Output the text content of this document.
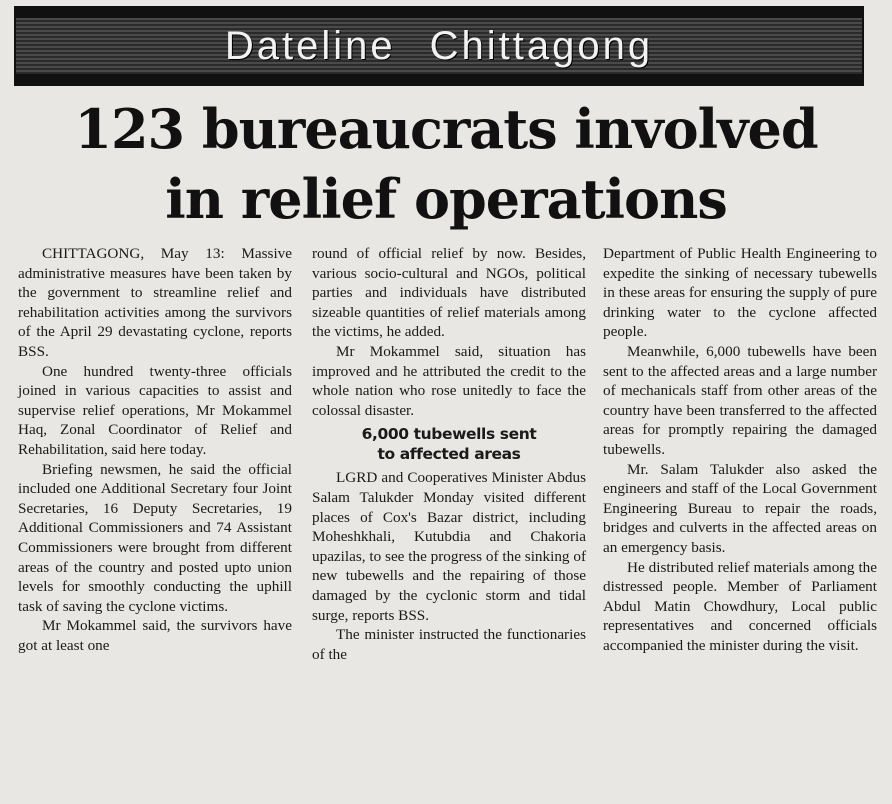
Dateline Chittagong
123 bureaucrats involved
in relief operations

CHITTAGONG, May 13: Massive administrative measures have been taken by the government to streamline relief and rehabilitation activities among the survivors of the April 29 devastating cyclone, reports BSS.

One hundred twenty-three officials joined in various capacities to assist and supervise relief operations, Mr Mokammel Haq, Zonal Coordinator of Relief and Rehabilitation, said here today.

Briefing newsmen, he said the official included one Additional Secretary four Joint Secretaries, 16 Deputy Secretaries, 19 Additional Commissioners and 74 Assistant Commissioners were brought from different areas of the country and posted upto union levels for smoothly conducting the uphill task of saving the cyclone victims.

Mr Mokammel said, the survivors have got at least one

round of official relief by now. Besides, various socio-cultural and NGOs, political parties and individuals have distributed sizeable quantities of relief materials among the victims, he added.

Mr Mokammel said, situation has improved and he attributed the credit to the whole nation who rose unitedly to face the colossal disaster.

6,000 tubewells sent
to affected areas

LGRD and Cooperatives Minister Abdus Salam Talukder Monday visited different places of Cox's Bazar district, including Moheshkhali, Kutubdia and Chakoria upazilas, to see the progress of the sinking of new tubewells and the repairing of those damaged by the cyclonic storm and tidal surge, reports BSS.

The minister instructed the functionaries of the

Department of Public Health Engineering to expedite the sinking of necessary tubewells in these areas for ensuring the supply of pure drinking water to the cyclone affected people.

Meanwhile, 6,000 tubewells have been sent to the affected areas and a large number of mechanicals staff from other areas of the country have been transferred to the affected areas for promptly repairing the damaged tubewells.

Mr. Salam Talukder also asked the engineers and staff of the Local Government Engineering Bureau to repair the roads, bridges and culverts in the affected areas on an emergency basis.

He distributed relief materials among the distressed people. Member of Parliament Abdul Matin Chowdhury, Local public representatives and concerned officials accompanied the minister during the visit.
